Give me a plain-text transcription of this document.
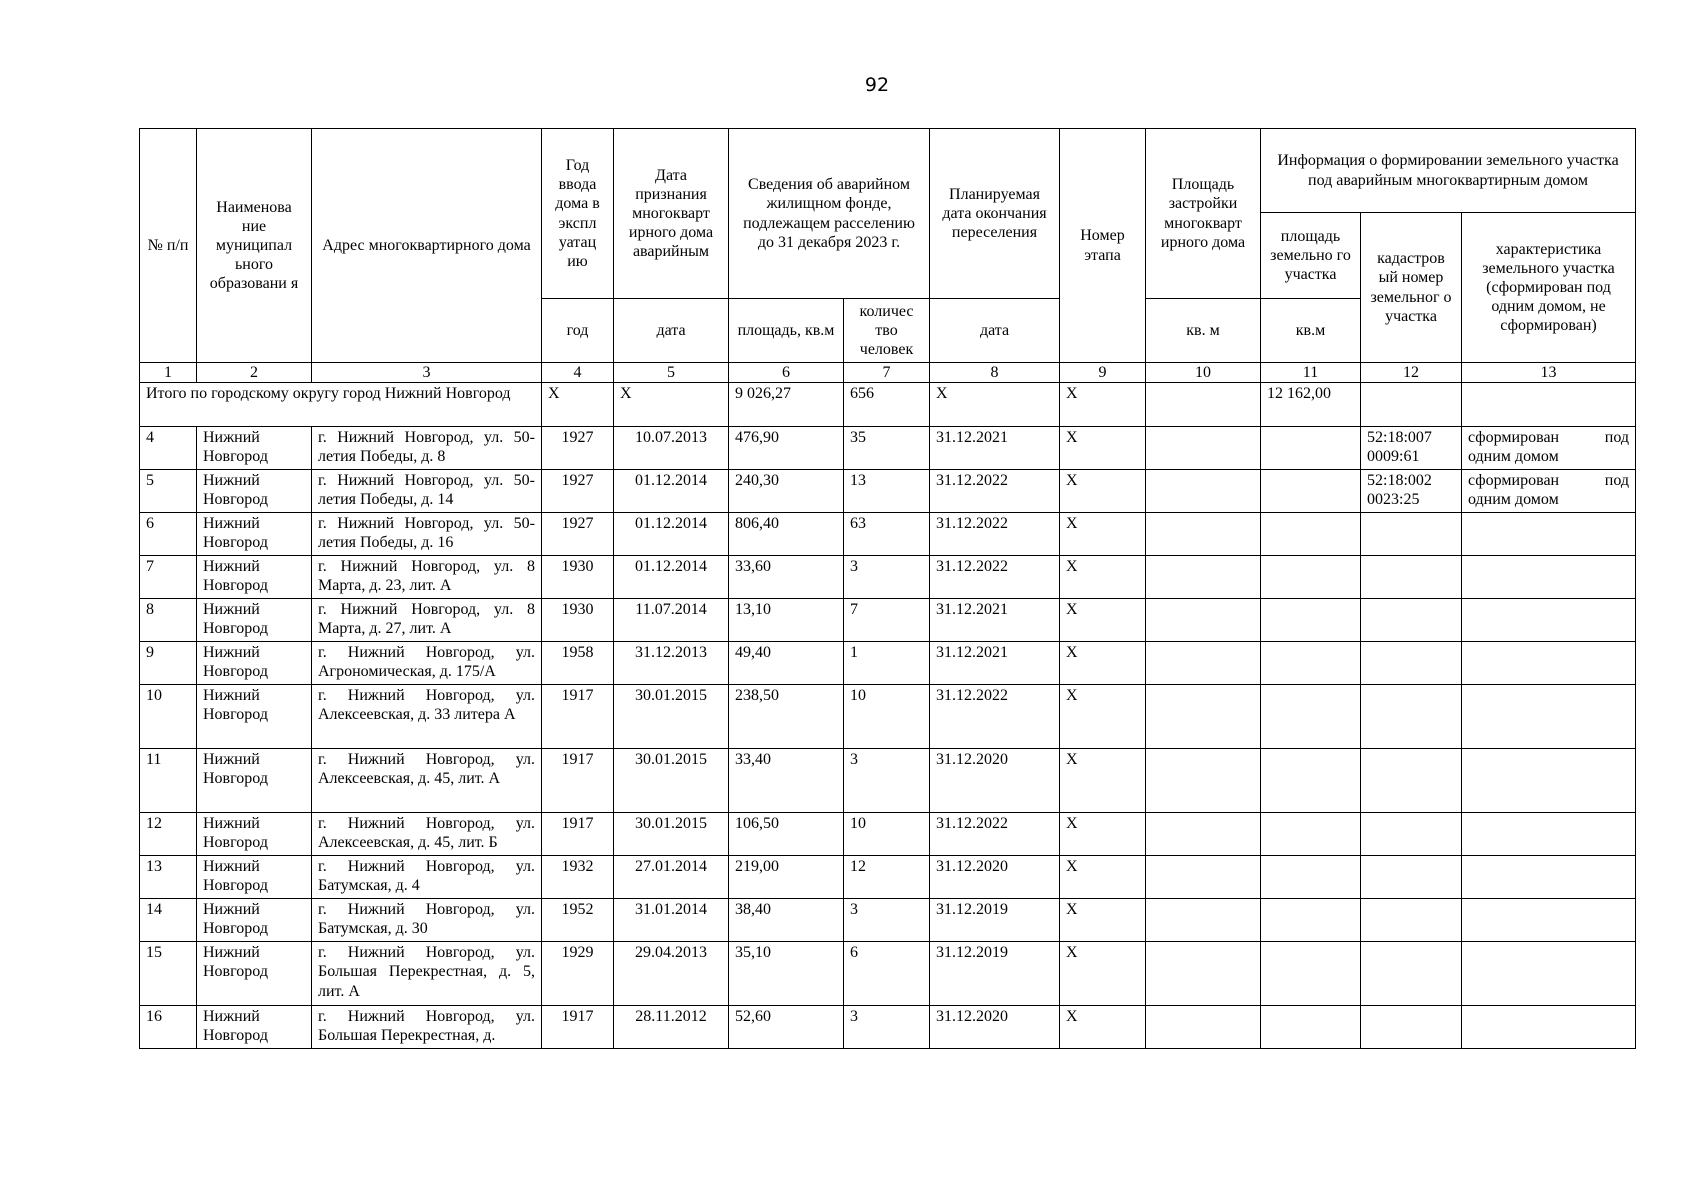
92
№ п/п	Наименова ние муниципал ьного образовани я	Адрес многоквартирного дома	Год ввода дома в экспл уатац ию	Дата признания многокварт ирного дома аварийным	Сведения об аварийном жилищном фонде, подлежащем расселению до 31 декабря 2023 г.		Планируемая дата окончания переселения	Номер этапа	Площадь застройки многокварт ирного дома	Информация о формировании земельного участка под аварийным многоквартирным домом		
										площадь земельно го участка	кадастров ый номер земельног о участка	характеристика земельного участка (сформирован под одним домом, не сформирован)
			год	дата	площадь, кв.м	количес тво человек	дата		кв. м	кв.м		
1	2	3	4	5	6	7	8	9	10	11	12	13
Итого по городскому округу город Нижний Новгород			X	X	9 026,27	656	X	X		12 162,00		
4	Нижний Новгород	г. Нижний Новгород, ул. 50-летия Победы, д. 8	1927	10.07.2013	476,90	35	31.12.2021	X			52:18:007 0009:61	сформирован под одним домом
5	Нижний Новгород	г. Нижний Новгород, ул. 50-летия Победы, д. 14	1927	01.12.2014	240,30	13	31.12.2022	X			52:18:002 0023:25	сформирован под одним домом
6	Нижний Новгород	г. Нижний Новгород, ул. 50-летия Победы, д. 16	1927	01.12.2014	806,40	63	31.12.2022	X				
7	Нижний Новгород	г. Нижний Новгород, ул. 8 Марта, д. 23, лит. А	1930	01.12.2014	33,60	3	31.12.2022	X				
8	Нижний Новгород	г. Нижний Новгород, ул. 8 Марта, д. 27, лит. А	1930	11.07.2014	13,10	7	31.12.2021	X				
9	Нижний Новгород	г. Нижний Новгород, ул. Агрономическая, д. 175/А	1958	31.12.2013	49,40	1	31.12.2021	X				
10	Нижний Новгород	г. Нижний Новгород, ул. Алексеевская, д. 33 литера А	1917	30.01.2015	238,50	10	31.12.2022	X				
11	Нижний Новгород	г. Нижний Новгород, ул. Алексеевская, д. 45, лит. А	1917	30.01.2015	33,40	3	31.12.2020	X				
12	Нижний Новгород	г. Нижний Новгород, ул. Алексеевская, д. 45, лит. Б	1917	30.01.2015	106,50	10	31.12.2022	X				
13	Нижний Новгород	г. Нижний Новгород, ул. Батумская, д. 4	1932	27.01.2014	219,00	12	31.12.2020	X				
14	Нижний Новгород	г. Нижний Новгород, ул. Батумская, д. 30	1952	31.01.2014	38,40	3	31.12.2019	X				
15	Нижний Новгород	г. Нижний Новгород, ул. Большая Перекрестная, д. 5, лит. А	1929	29.04.2013	35,10	6	31.12.2019	X				
16	Нижний Новгород	г. Нижний Новгород, ул. Большая Перекрестная, д.	1917	28.11.2012	52,60	3	31.12.2020	X				
